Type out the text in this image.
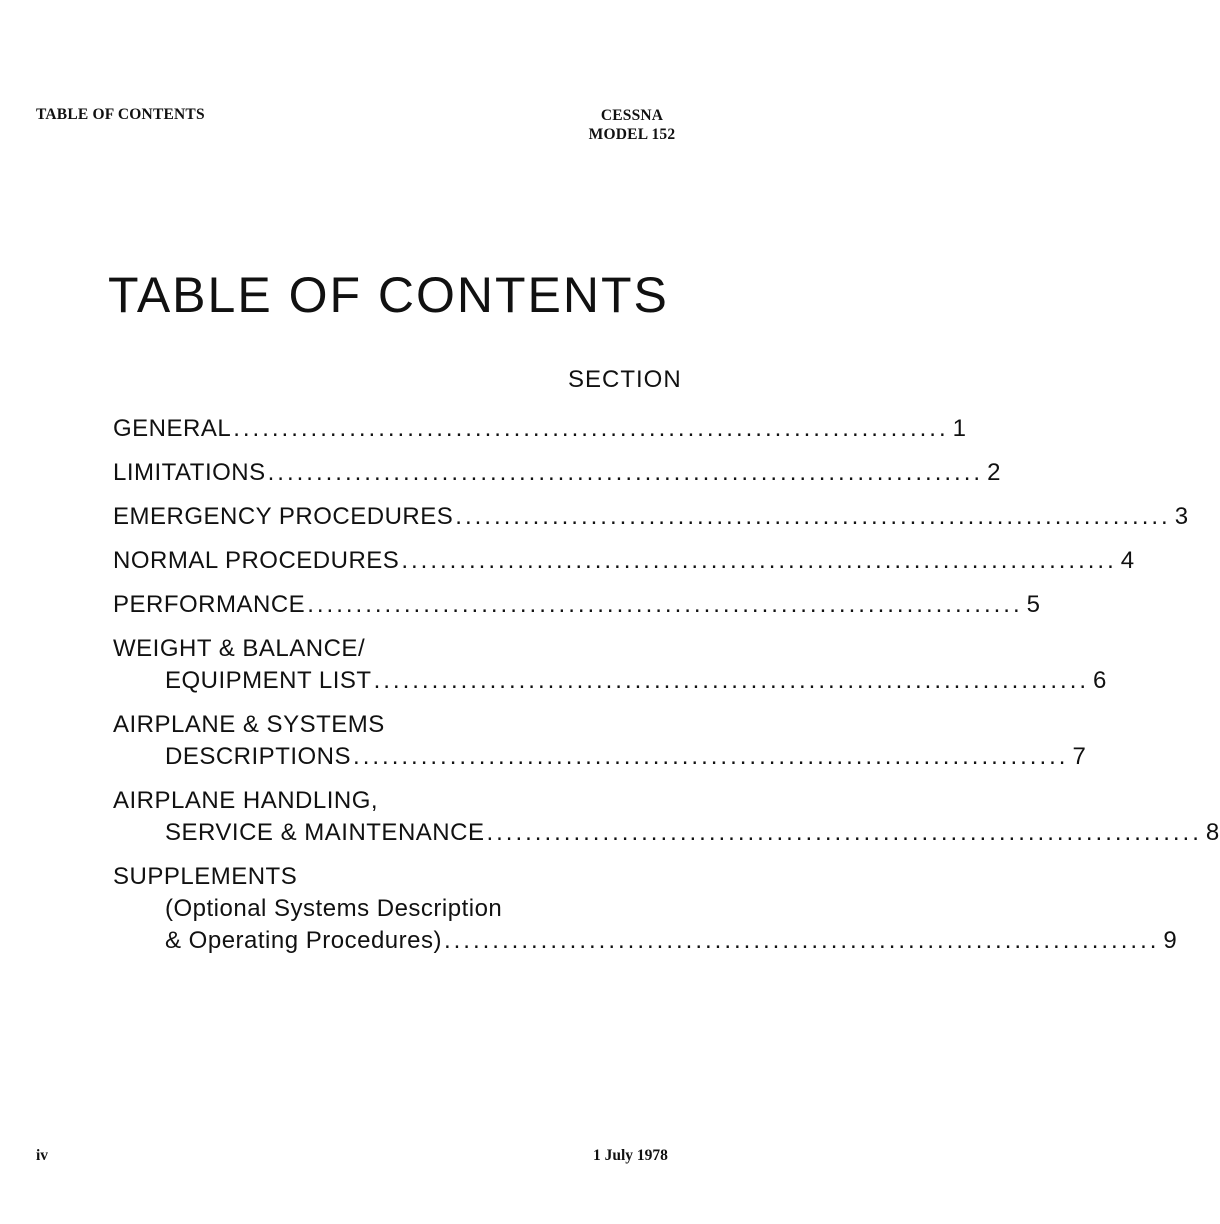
TABLE OF CONTENTS	CESSNA
MODEL 152
TABLE OF CONTENTS
SECTION
GENERAL .......................................................................... 1
LIMITATIONS .......................................................................... 2
EMERGENCY PROCEDURES .......................................................................... 3
NORMAL PROCEDURES .......................................................................... 4
PERFORMANCE .......................................................................... 5
WEIGHT & BALANCE/
EQUIPMENT LIST .......................................................................... 6
AIRPLANE & SYSTEMS
DESCRIPTIONS .......................................................................... 7
AIRPLANE HANDLING,
SERVICE & MAINTENANCE .......................................................................... 8
SUPPLEMENTS
(Optional Systems Description
& Operating Procedures) .......................................................................... 9
iv	1 July 1978
